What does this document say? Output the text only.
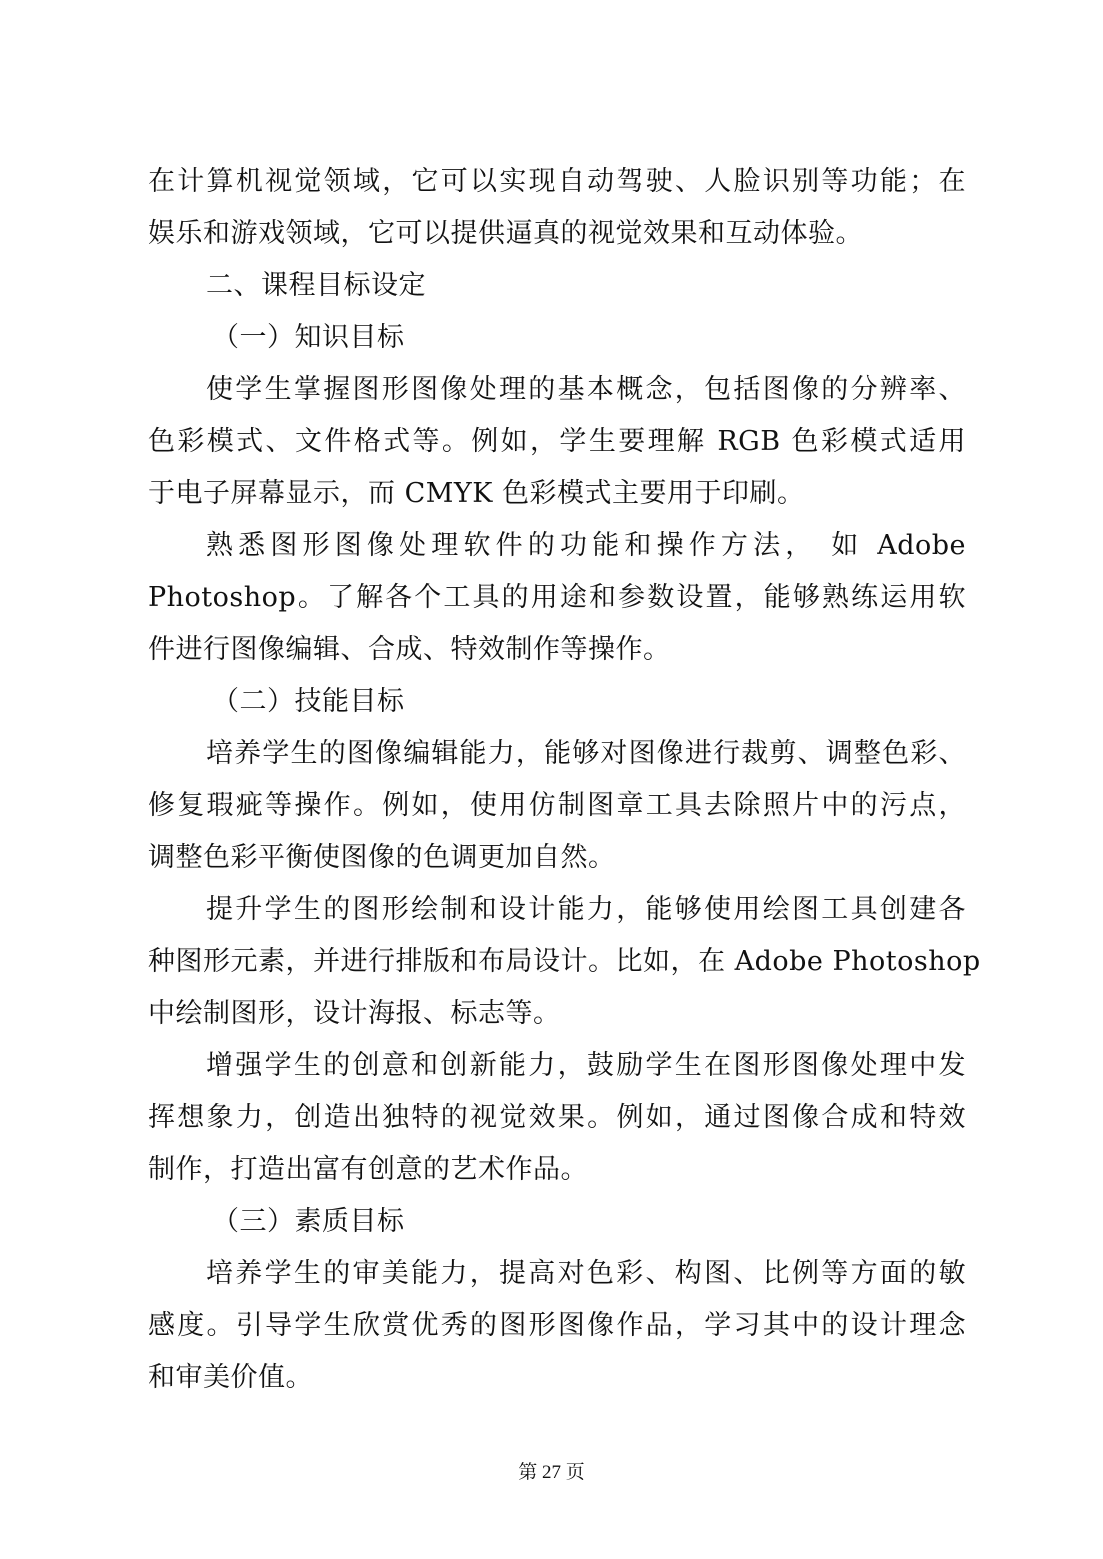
在计算机视觉领域，它可以实现自动驾驶、人脸识别等功能；在
娱乐和游戏领域，它可以提供逼真的视觉效果和互动体验。
二、课程目标设定
（一）知识目标
使学生掌握图形图像处理的基本概念，包括图像的分辨率、
色彩模式、文件格式等。例如，学生要理解 RGB 色彩模式适用
于电子屏幕显示，而 CMYK 色彩模式主要用于印刷。
熟悉图形图像处理软件的功能和操作方法， 如 Adobe
Photoshop。了解各个工具的用途和参数设置，能够熟练运用软
件进行图像编辑、合成、特效制作等操作。
（二）技能目标
培养学生的图像编辑能力，能够对图像进行裁剪、调整色彩、
修复瑕疵等操作。例如，使用仿制图章工具去除照片中的污点，
调整色彩平衡使图像的色调更加自然。
提升学生的图形绘制和设计能力，能够使用绘图工具创建各
种图形元素，并进行排版和布局设计。比如，在 Adobe Photoshop
中绘制图形，设计海报、标志等。
增强学生的创意和创新能力，鼓励学生在图形图像处理中发
挥想象力，创造出独特的视觉效果。例如，通过图像合成和特效
制作，打造出富有创意的艺术作品。
（三）素质目标
培养学生的审美能力，提高对色彩、构图、比例等方面的敏
感度。引导学生欣赏优秀的图形图像作品，学习其中的设计理念
和审美价值。
第 27 页
